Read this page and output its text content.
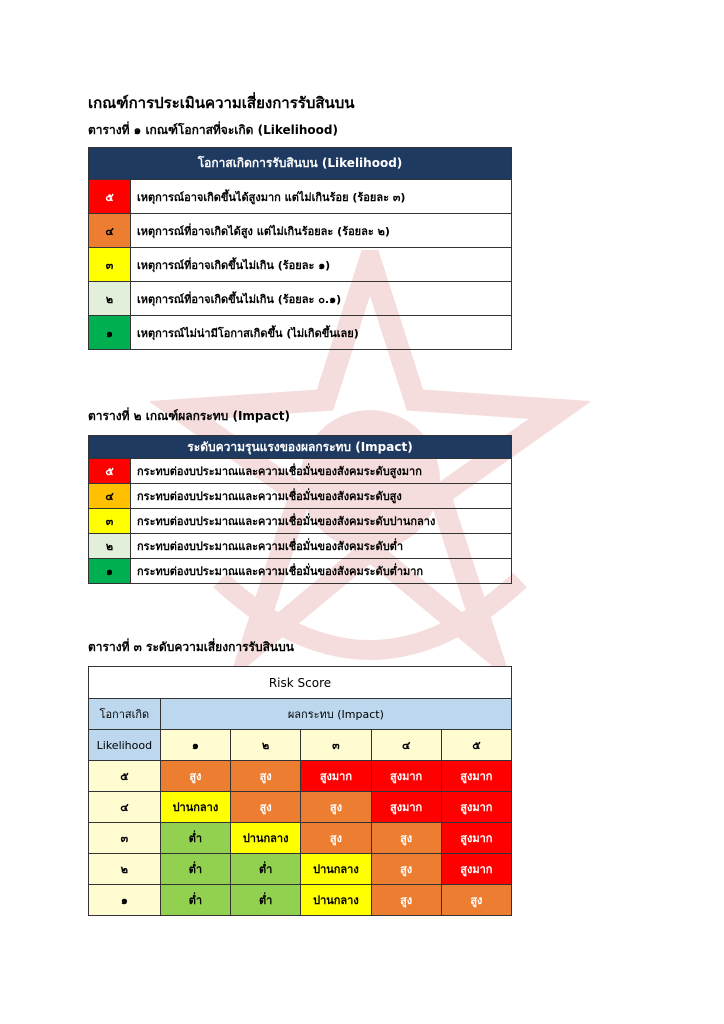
เกณฑ์การประเมินความเสี่ยงการรับสินบน
ตารางที่ ๑ เกณฑ์โอกาสที่จะเกิด (Likelihood)
โอกาสเกิดการรับสินบน (Likelihood)	
๕	เหตุการณ์อาจเกิดขึ้นได้สูงมาก แต่ไม่เกินร้อย (ร้อยละ ๓)
๔	เหตุการณ์ที่อาจเกิดได้สูง แต่ไม่เกินร้อยละ (ร้อยละ ๒)
๓	เหตุการณ์ที่อาจเกิดขึ้นไม่เกิน (ร้อยละ ๑)
๒	เหตุการณ์ที่อาจเกิดขึ้นไม่เกิน (ร้อยละ ๐.๑)
๑	เหตุการณ์ไม่น่ามีโอกาสเกิดขึ้น (ไม่เกิดขึ้นเลย)
ตารางที่ ๒ เกณฑ์ผลกระทบ (Impact)
ระดับความรุนแรงของผลกระทบ (Impact)	
๕	กระทบต่องบประมาณและความเชื่อมั่นของสังคมระดับสูงมาก
๔	กระทบต่องบประมาณและความเชื่อมั่นของสังคมระดับสูง
๓	กระทบต่องบประมาณและความเชื่อมั่นของสังคมระดับปานกลาง
๒	กระทบต่องบประมาณและความเชื่อมั่นของสังคมระดับต่ำ
๑	กระทบต่องบประมาณและความเชื่อมั่นของสังคมระดับต่ำมาก
ตารางที่ ๓ ระดับความเสี่ยงการรับสินบน
Risk Score					
โอกาสเกิด	ผลกระทบ (Impact)				
Likelihood	๑	๒	๓	๔	๕
๕	สูง	สูง	สูงมาก	สูงมาก	สูงมาก
๔	ปานกลาง	สูง	สูง	สูงมาก	สูงมาก
๓	ต่ำ	ปานกลาง	สูง	สูง	สูงมาก
๒	ต่ำ	ต่ำ	ปานกลาง	สูง	สูงมาก
๑	ต่ำ	ต่ำ	ปานกลาง	สูง	สูง
